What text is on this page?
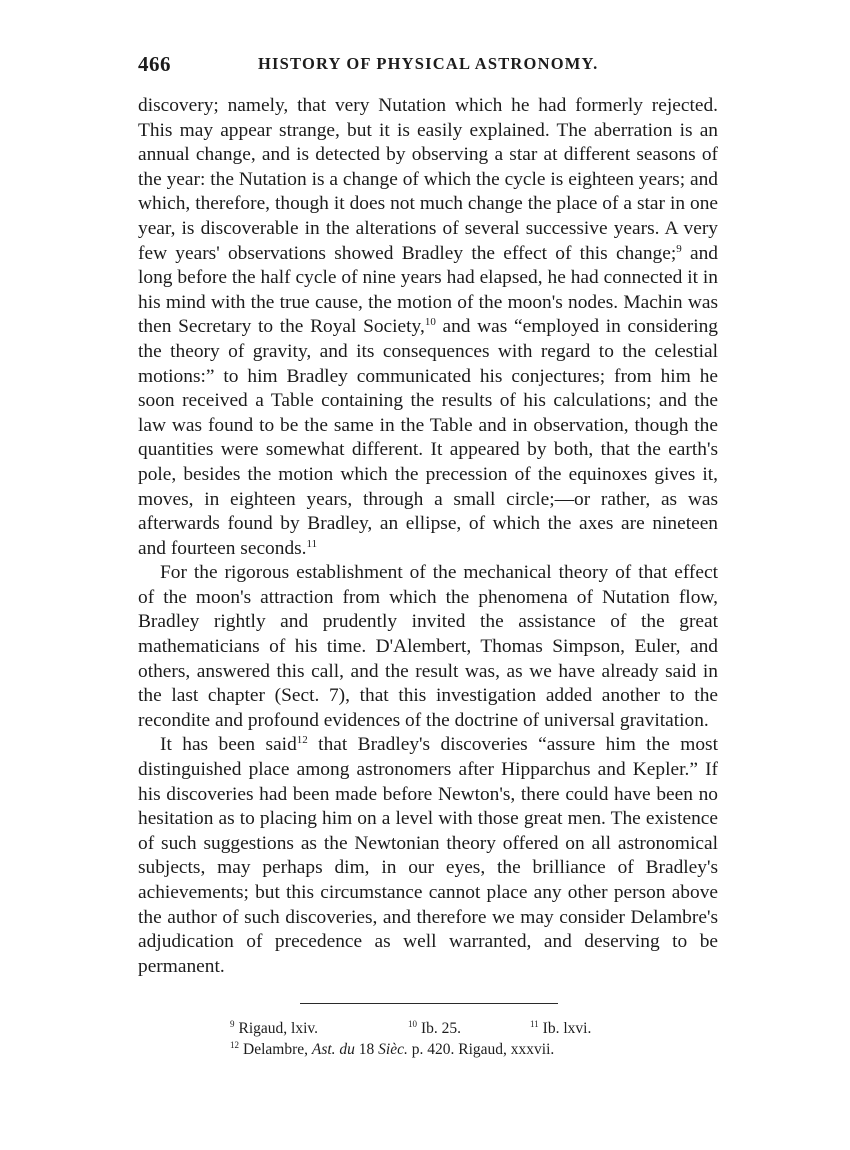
466	HISTORY OF PHYSICAL ASTRONOMY.

discovery; namely, that very Nutation which he had formerly rejected. This may appear strange, but it is easily explained. The aberration is an annual change, and is detected by observing a star at different seasons of the year: the Nutation is a change of which the cycle is eighteen years; and which, therefore, though it does not much change the place of a star in one year, is discoverable in the alterations of several successive years. A very few years' observations showed Bradley the effect of this change;$^9$ and long before the half cycle of nine years had elapsed, he had connected it in his mind with the true cause, the motion of the moon's nodes. Machin was then Secretary to the Royal Society,$^{10}$ and was “employed in considering the theory of gravity, and its consequences with regard to the celestial motions:” to him Bradley communicated his conjectures; from him he soon received a Table containing the results of his calculations; and the law was found to be the same in the Table and in observation, though the quantities were somewhat different. It appeared by both, that the earth's pole, besides the motion which the precession of the equinoxes gives it, moves, in eighteen years, through a small circle;—or rather, as was afterwards found by Bradley, an ellipse, of which the axes are nineteen and fourteen seconds.$^{11}$

For the rigorous establishment of the mechanical theory of that effect of the moon's attraction from which the phenomena of Nutation flow, Bradley rightly and prudently invited the assistance of the great mathematicians of his time. D'Alembert, Thomas Simpson, Euler, and others, answered this call, and the result was, as we have already said in the last chapter (Sect. 7), that this investigation added another to the recondite and profound evidences of the doctrine of universal gravitation.

It has been said$^{12}$ that Bradley's discoveries “assure him the most distinguished place among astronomers after Hipparchus and Kepler.” If his discoveries had been made before Newton's, there could have been no hesitation as to placing him on a level with those great men. The existence of such suggestions as the Newtonian theory offered on all astronomical subjects, may perhaps dim, in our eyes, the brilliance of Bradley's achievements; but this circumstance cannot place any other person above the author of such discoveries, and therefore we may consider Delambre's adjudication of precedence as well warranted, and deserving to be permanent.

$^9$ Rigaud, lxiv.	$^{10}$ Ib. 25.	$^{11}$ Ib. lxvi.
$^{12}$ Delambre, Ast. du 18 Sièc. p. 420. Rigaud, xxxvii.
